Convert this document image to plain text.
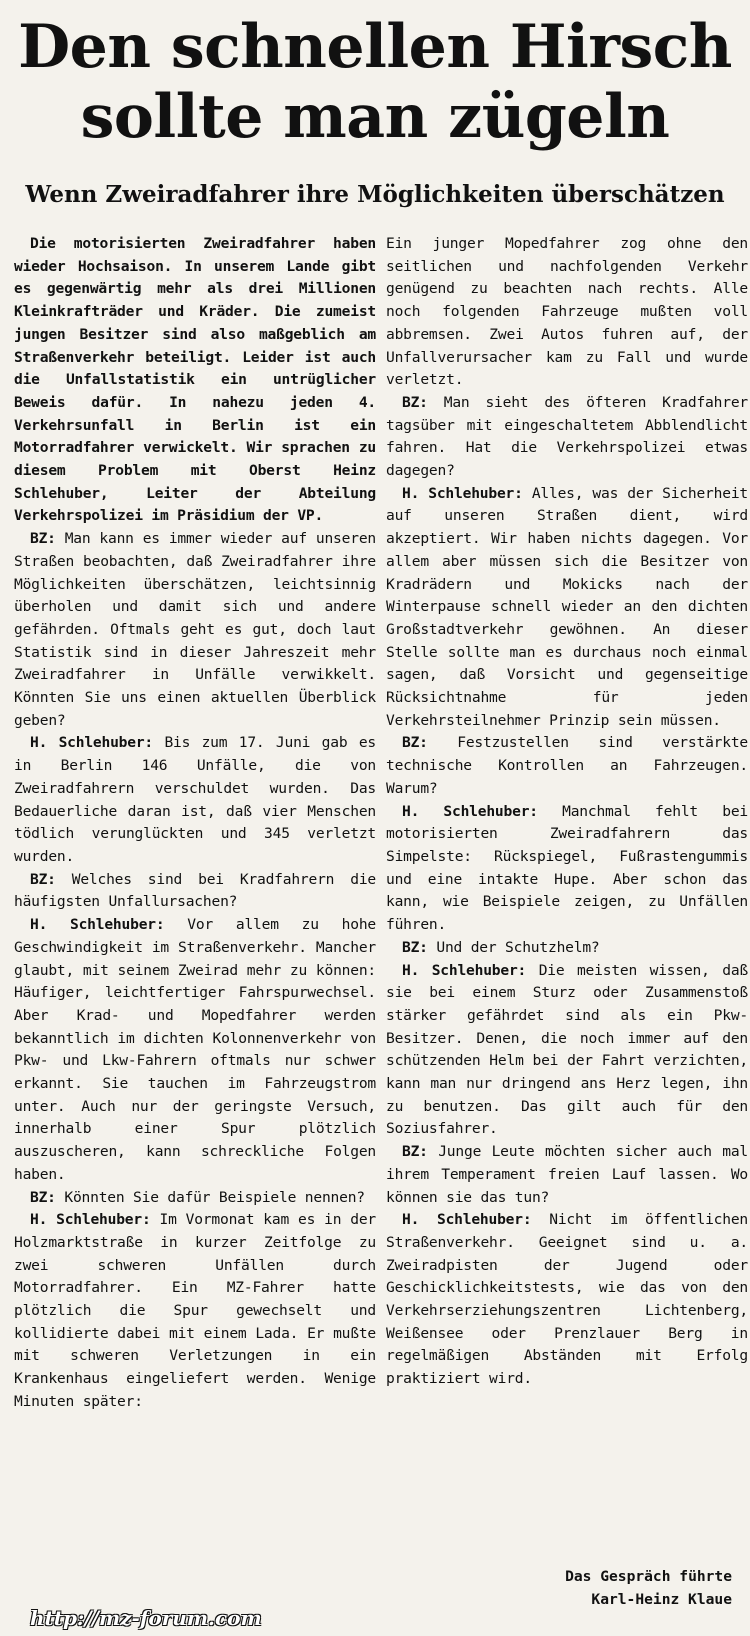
Den schnellen Hirsch
sollte man zügeln
Wenn Zweiradfahrer ihre Möglichkeiten überschätzen

Die motorisierten Zweiradfahrer haben wieder Hochsaison. In unserem Lande gibt es gegenwärtig mehr als drei Millionen Kleinkrafträder und Kräder. Die zumeist jungen Besitzer sind also maßgeblich am Straßenverkehr beteiligt. Leider ist auch die Unfallstatistik ein untrüglicher Beweis dafür. In nahezu jeden 4. Verkehrsunfall in Berlin ist ein Motorradfahrer verwickelt. Wir sprachen zu diesem Problem mit Oberst Heinz Schlehuber, Leiter der Abteilung Verkehrspolizei im Präsidium der VP.

BZ: Man kann es immer wieder auf unseren Straßen beobachten, daß Zweiradfahrer ihre Möglichkeiten überschätzen, leichtsinnig überholen und damit sich und andere gefährden. Oftmals geht es gut, doch laut Statistik sind in dieser Jahreszeit mehr Zweiradfahrer in Unfälle verwikkelt. Könnten Sie uns einen aktuellen Überblick geben?

H. Schlehuber: Bis zum 17. Juni gab es in Berlin 146 Unfälle, die von Zweiradfahrern verschuldet wurden. Das Bedauerliche daran ist, daß vier Menschen tödlich verunglückten und 345 verletzt wurden.

BZ: Welches sind bei Kradfahrern die häufigsten Unfallursachen?

H. Schlehuber: Vor allem zu hohe Geschwindigkeit im Straßenverkehr. Mancher glaubt, mit seinem Zweirad mehr zu können: Häufiger, leichtfertiger Fahrspurwechsel. Aber Krad- und Mopedfahrer werden bekanntlich im dichten Kolonnenverkehr von Pkw- und Lkw-Fahrern oftmals nur schwer erkannt. Sie tauchen im Fahrzeugstrom unter. Auch nur der geringste Versuch, innerhalb einer Spur plötzlich auszuscheren, kann schreckliche Folgen haben.

BZ: Könnten Sie dafür Beispiele nennen?

H. Schlehuber: Im Vormonat kam es in der Holzmarktstraße in kurzer Zeitfolge zu zwei schweren Unfällen durch Motorradfahrer. Ein MZ-Fahrer hatte plötzlich die Spur gewechselt und kollidierte dabei mit einem Lada. Er mußte mit schweren Verletzungen in ein Krankenhaus eingeliefert werden. Wenige Minuten später:

Ein junger Mopedfahrer zog ohne den seitlichen und nachfolgenden Verkehr genügend zu beachten nach rechts. Alle noch folgenden Fahrzeuge mußten voll abbremsen. Zwei Autos fuhren auf, der Unfallverursacher kam zu Fall und wurde verletzt.

BZ: Man sieht des öfteren Kradfahrer tagsüber mit eingeschaltetem Abblendlicht fahren. Hat die Verkehrspolizei etwas dagegen?

H. Schlehuber: Alles, was der Sicherheit auf unseren Straßen dient, wird akzeptiert. Wir haben nichts dagegen. Vor allem aber müssen sich die Besitzer von Kradrädern und Mokicks nach der Winterpause schnell wieder an den dichten Großstadtverkehr gewöhnen. An dieser Stelle sollte man es durchaus noch einmal sagen, daß Vorsicht und gegenseitige Rücksichtnahme für jeden Verkehrsteilnehmer Prinzip sein müssen.

BZ: Festzustellen sind verstärkte technische Kontrollen an Fahrzeugen. Warum?

H. Schlehuber: Manchmal fehlt bei motorisierten Zweiradfahrern das Simpelste: Rückspiegel, Fußrastengummis und eine intakte Hupe. Aber schon das kann, wie Beispiele zeigen, zu Unfällen führen.

BZ: Und der Schutzhelm?

H. Schlehuber: Die meisten wissen, daß sie bei einem Sturz oder Zusammenstoß stärker gefährdet sind als ein Pkw-Besitzer. Denen, die noch immer auf den schützenden Helm bei der Fahrt verzichten, kann man nur dringend ans Herz legen, ihn zu benutzen. Das gilt auch für den Soziusfahrer.

BZ: Junge Leute möchten sicher auch mal ihrem Temperament freien Lauf lassen. Wo können sie das tun?

H. Schlehuber: Nicht im öffentlichen Straßenverkehr. Geeignet sind u. a. Zweiradpisten der Jugend oder Geschicklichkeitstests, wie das von den Verkehrserziehungszentren Lichtenberg, Weißensee oder Prenzlauer Berg in regelmäßigen Abständen mit Erfolg praktiziert wird.

Das Gespräch führte
Karl-Heinz Klaue
http://mz-forum.com
